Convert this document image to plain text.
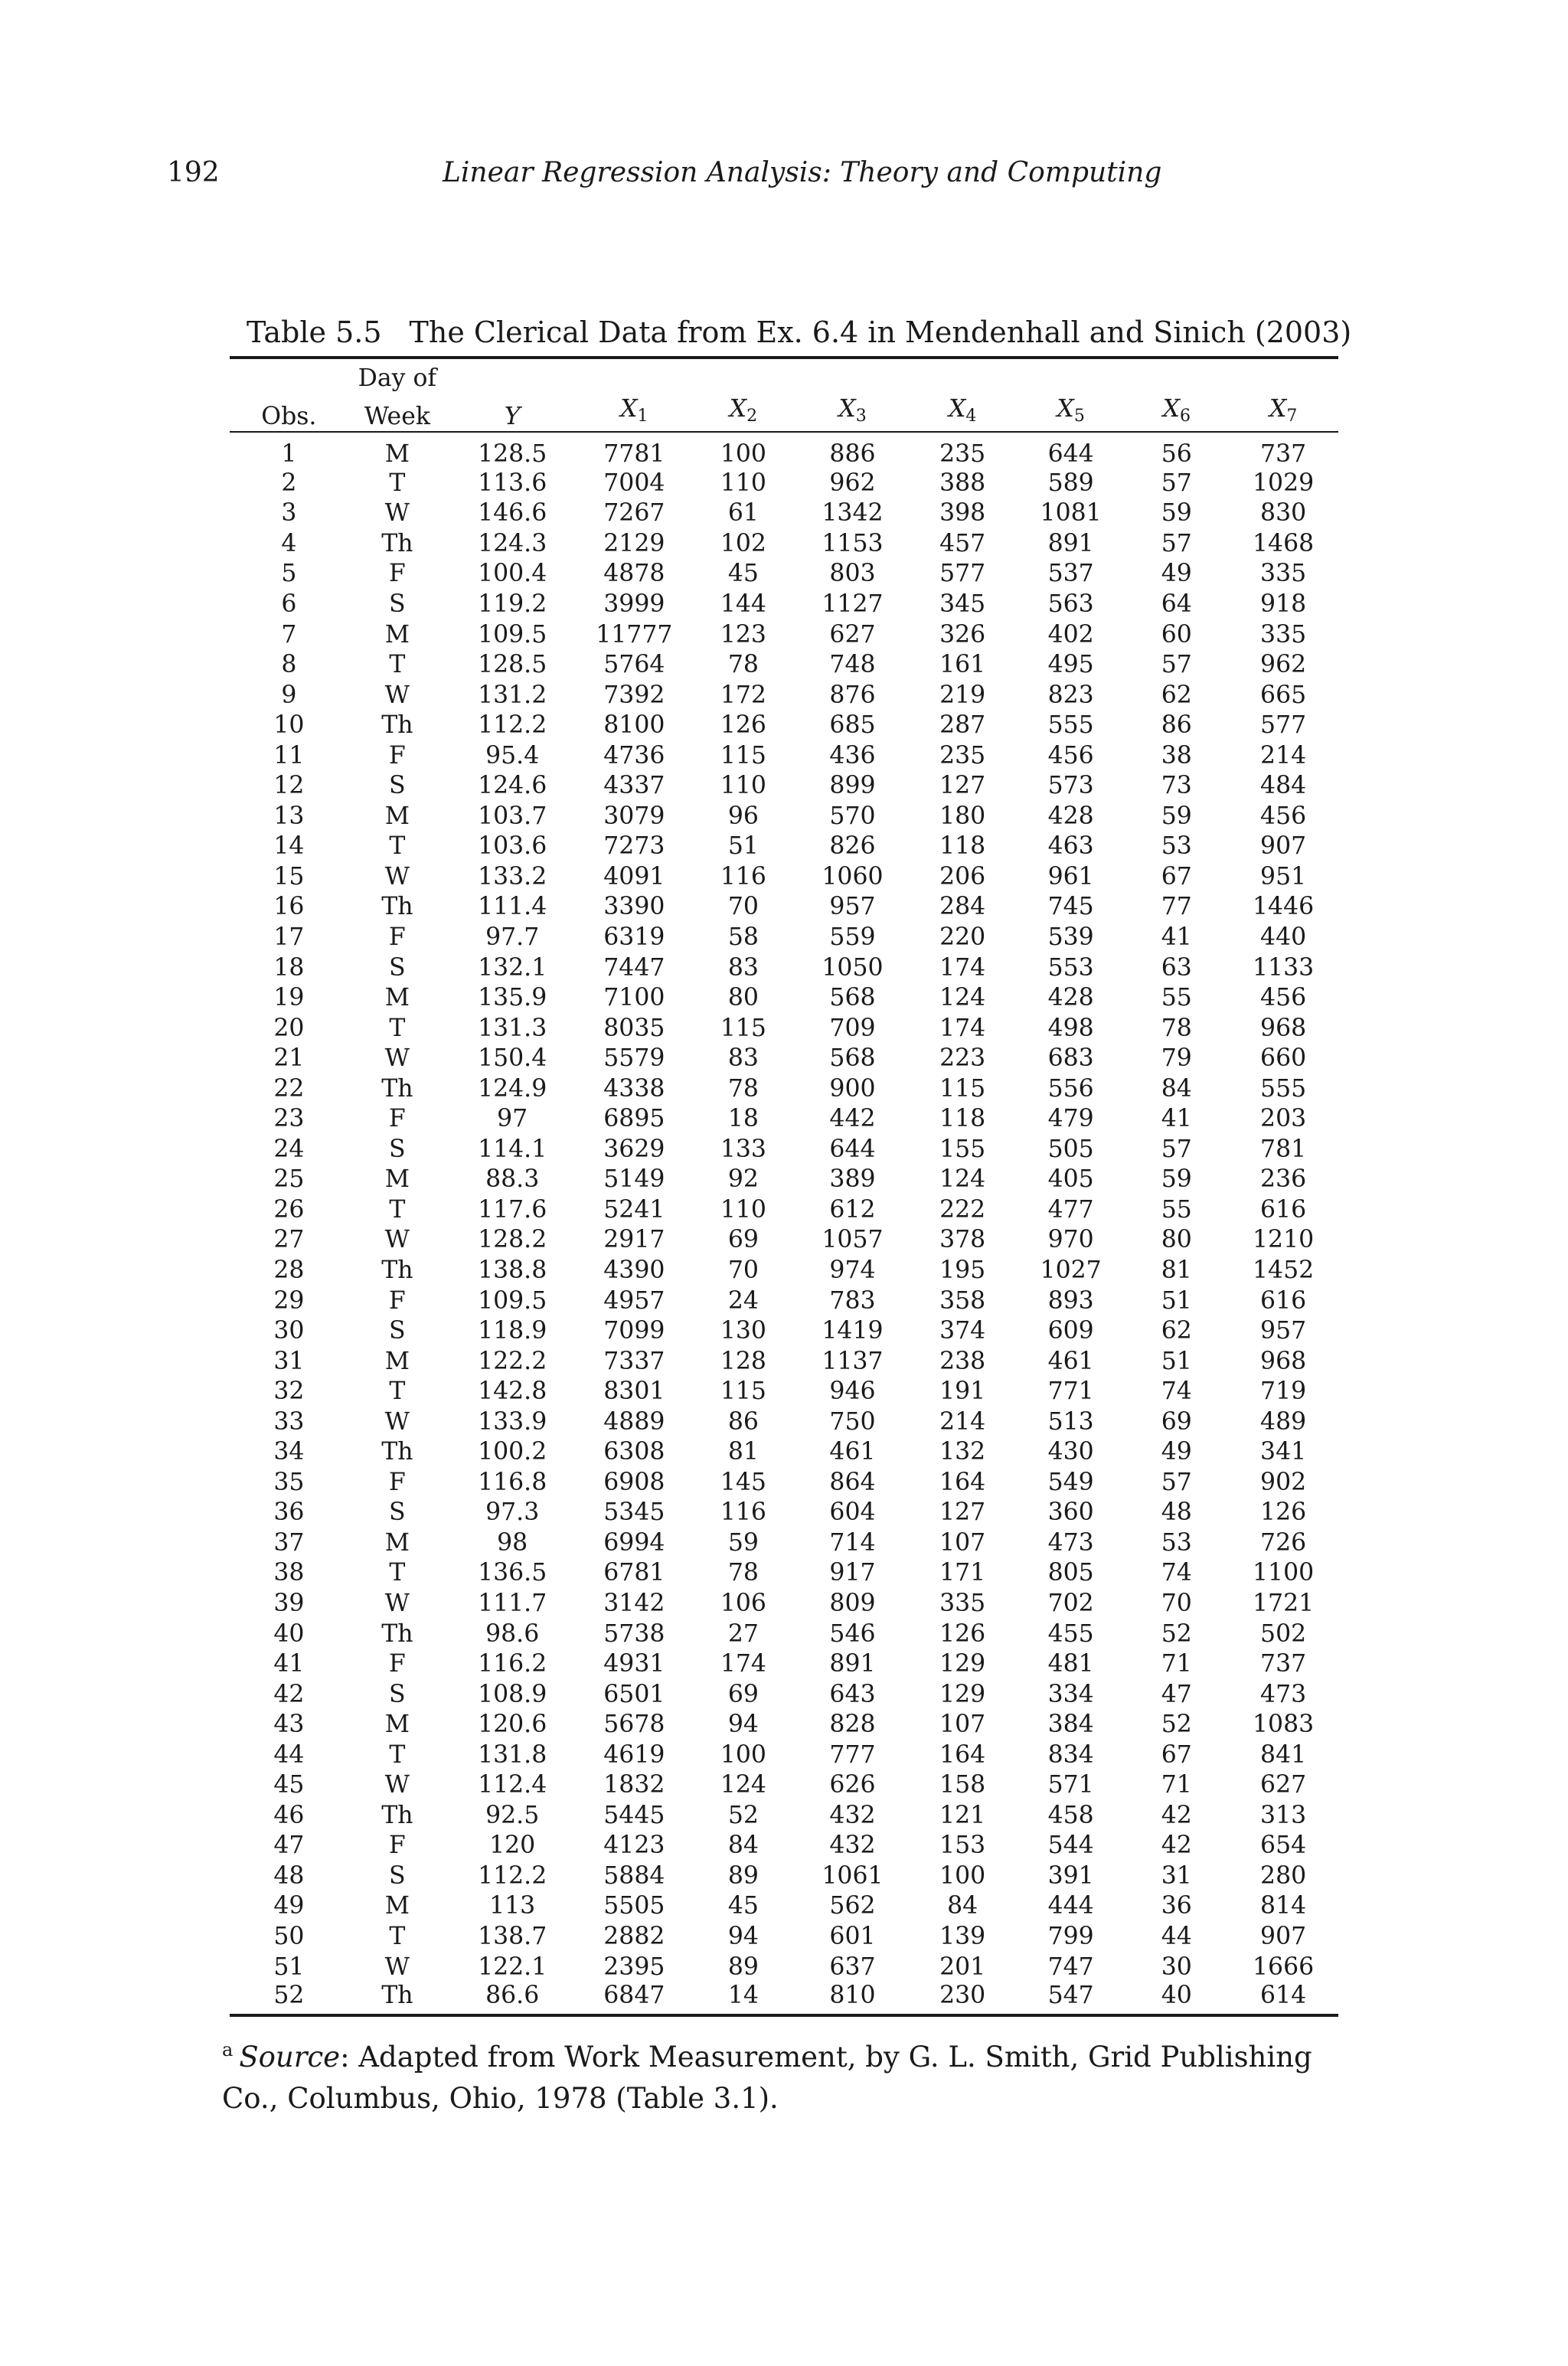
192	Linear Regression Analysis: Theory and Computing
Table 5.5 The Clerical Data from Ex. 6.4 in Mendenhall and Sinich (2003)
	Day of								
Obs.	Week	Y	$X_1$	$X_2$	$X_3$	$X_4$	$X_5$	$X_6$	$X_7$
1	M	128.5	7781	100	886	235	644	56	737
2	T	113.6	7004	110	962	388	589	57	1029
3	W	146.6	7267	61	1342	398	1081	59	830
4	Th	124.3	2129	102	1153	457	891	57	1468
5	F	100.4	4878	45	803	577	537	49	335
6	S	119.2	3999	144	1127	345	563	64	918
7	M	109.5	11777	123	627	326	402	60	335
8	T	128.5	5764	78	748	161	495	57	962
9	W	131.2	7392	172	876	219	823	62	665
10	Th	112.2	8100	126	685	287	555	86	577
11	F	95.4	4736	115	436	235	456	38	214
12	S	124.6	4337	110	899	127	573	73	484
13	M	103.7	3079	96	570	180	428	59	456
14	T	103.6	7273	51	826	118	463	53	907
15	W	133.2	4091	116	1060	206	961	67	951
16	Th	111.4	3390	70	957	284	745	77	1446
17	F	97.7	6319	58	559	220	539	41	440
18	S	132.1	7447	83	1050	174	553	63	1133
19	M	135.9	7100	80	568	124	428	55	456
20	T	131.3	8035	115	709	174	498	78	968
21	W	150.4	5579	83	568	223	683	79	660
22	Th	124.9	4338	78	900	115	556	84	555
23	F	97	6895	18	442	118	479	41	203
24	S	114.1	3629	133	644	155	505	57	781
25	M	88.3	5149	92	389	124	405	59	236
26	T	117.6	5241	110	612	222	477	55	616
27	W	128.2	2917	69	1057	378	970	80	1210
28	Th	138.8	4390	70	974	195	1027	81	1452
29	F	109.5	4957	24	783	358	893	51	616
30	S	118.9	7099	130	1419	374	609	62	957
31	M	122.2	7337	128	1137	238	461	51	968
32	T	142.8	8301	115	946	191	771	74	719
33	W	133.9	4889	86	750	214	513	69	489
34	Th	100.2	6308	81	461	132	430	49	341
35	F	116.8	6908	145	864	164	549	57	902
36	S	97.3	5345	116	604	127	360	48	126
37	M	98	6994	59	714	107	473	53	726
38	T	136.5	6781	78	917	171	805	74	1100
39	W	111.7	3142	106	809	335	702	70	1721
40	Th	98.6	5738	27	546	126	455	52	502
41	F	116.2	4931	174	891	129	481	71	737
42	S	108.9	6501	69	643	129	334	47	473
43	M	120.6	5678	94	828	107	384	52	1083
44	T	131.8	4619	100	777	164	834	67	841
45	W	112.4	1832	124	626	158	571	71	627
46	Th	92.5	5445	52	432	121	458	42	313
47	F	120	4123	84	432	153	544	42	654
48	S	112.2	5884	89	1061	100	391	31	280
49	M	113	5505	45	562	84	444	36	814
50	T	138.7	2882	94	601	139	799	44	907
51	W	122.1	2395	89	637	201	747	30	1666
52	Th	86.6	6847	14	810	230	547	40	614
$^a$ Source: Adapted from Work Measurement, by G. L. Smith, Grid Publishing Co., Columbus, Ohio, 1978 (Table 3.1).
